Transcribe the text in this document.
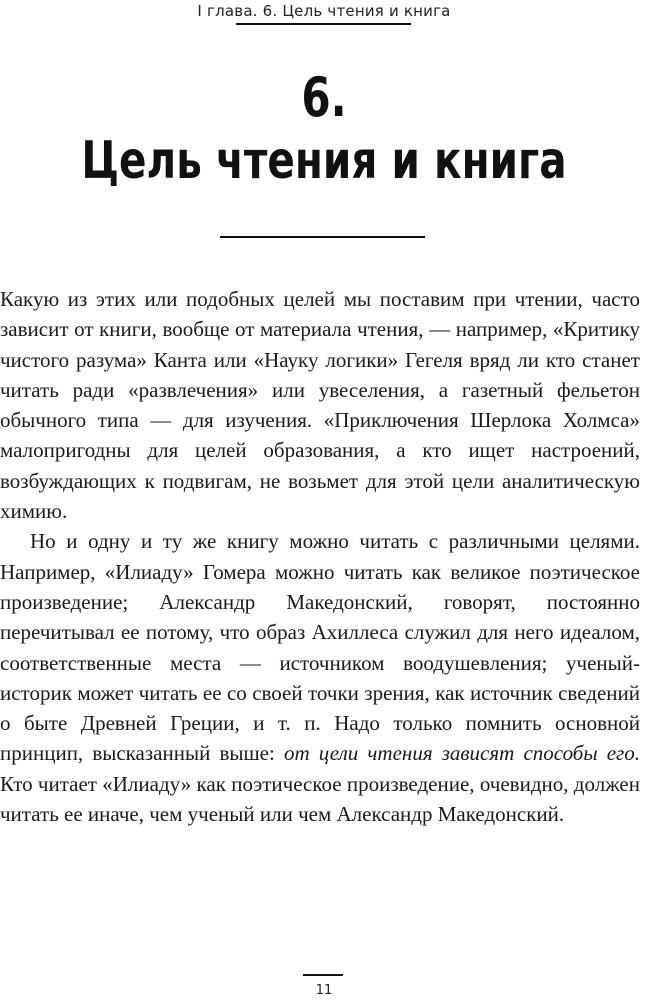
I глава. 6. Цель чтения и книга
6.
Цель чтения и книга

Какую из этих или подобных целей мы поставим при чтении, часто зависит от книги, вообще от материала чтения, — например, «Критику чистого разума» Канта или «Науку логики» Гегеля вряд ли кто станет читать ради «развлечения» или увеселения, а газетный фельетон обычного типа — для изучения. «Приключения Шерлока Холмса» малопригодны для целей образования, а кто ищет настроений, возбуждающих к подвигам, не возьмет для этой цели аналитическую химию.

Но и одну и ту же книгу можно читать с различными целями. Например, «Илиаду» Гомера можно читать как великое поэтическое произведение; Александр Македонский, говорят, постоянно перечитывал ее потому, что образ Ахиллеса служил для него идеалом, соответственные места — источником воодушевления; ученый-историк может читать ее со своей точки зрения, как источник сведений о быте Древней Греции, и т. п. Надо только помнить основной принцип, высказанный выше: от цели чтения зависят способы его. Кто читает «Илиаду» как поэтическое произведение, очевидно, должен читать ее иначе, чем ученый или чем Александр Македонский.

11
